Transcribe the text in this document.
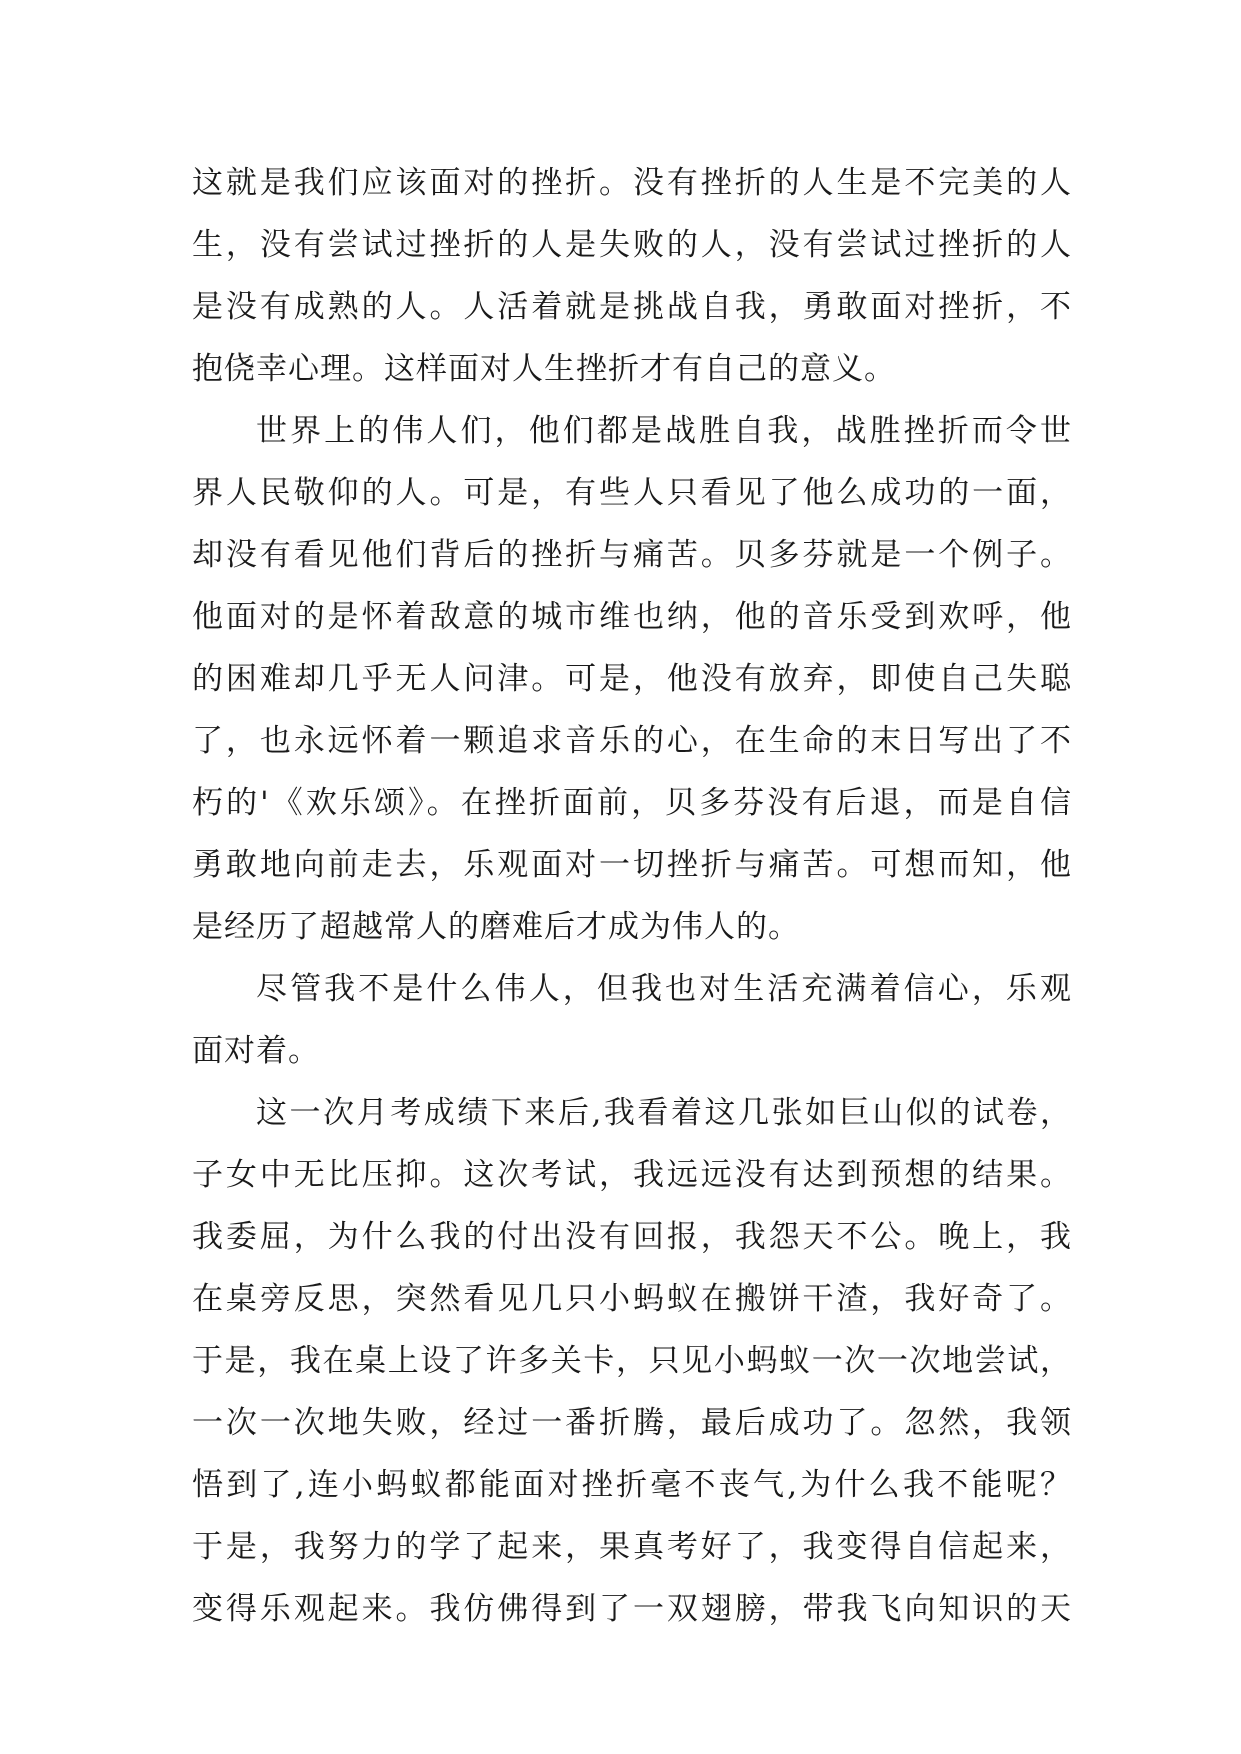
这就是我们应该面对的挫折。没有挫折的人生是不完美的人
生，没有尝试过挫折的人是失败的人，没有尝试过挫折的人
是没有成熟的人。人活着就是挑战自我，勇敢面对挫折，不
抱侥幸心理。这样面对人生挫折才有自己的意义。
世界上的伟人们，他们都是战胜自我，战胜挫折而令世
界人民敬仰的人。可是，有些人只看见了他么成功的一面，
却没有看见他们背后的挫折与痛苦。贝多芬就是一个例子。
他面对的是怀着敌意的城市维也纳，他的音乐受到欢呼，他
的困难却几乎无人问津。可是，他没有放弃，即使自己失聪
了，也永远怀着一颗追求音乐的心，在生命的末日写出了不
朽的'《欢乐颂》。在挫折面前，贝多芬没有后退，而是自信
勇敢地向前走去，乐观面对一切挫折与痛苦。可想而知，他
是经历了超越常人的磨难后才成为伟人的。
尽管我不是什么伟人，但我也对生活充满着信心，乐观
面对着。
这一次月考成绩下来后,我看着这几张如巨山似的试卷，
子女中无比压抑。这次考试，我远远没有达到预想的结果。
我委屈，为什么我的付出没有回报，我怨天不公。晚上，我
在桌旁反思，突然看见几只小蚂蚁在搬饼干渣，我好奇了。
于是，我在桌上设了许多关卡，只见小蚂蚁一次一次地尝试，
一次一次地失败，经过一番折腾，最后成功了。忽然，我领
悟到了,连小蚂蚁都能面对挫折毫不丧气,为什么我不能呢？
于是，我努力的学了起来，果真考好了，我变得自信起来，
变得乐观起来。我仿佛得到了一双翅膀，带我飞向知识的天
